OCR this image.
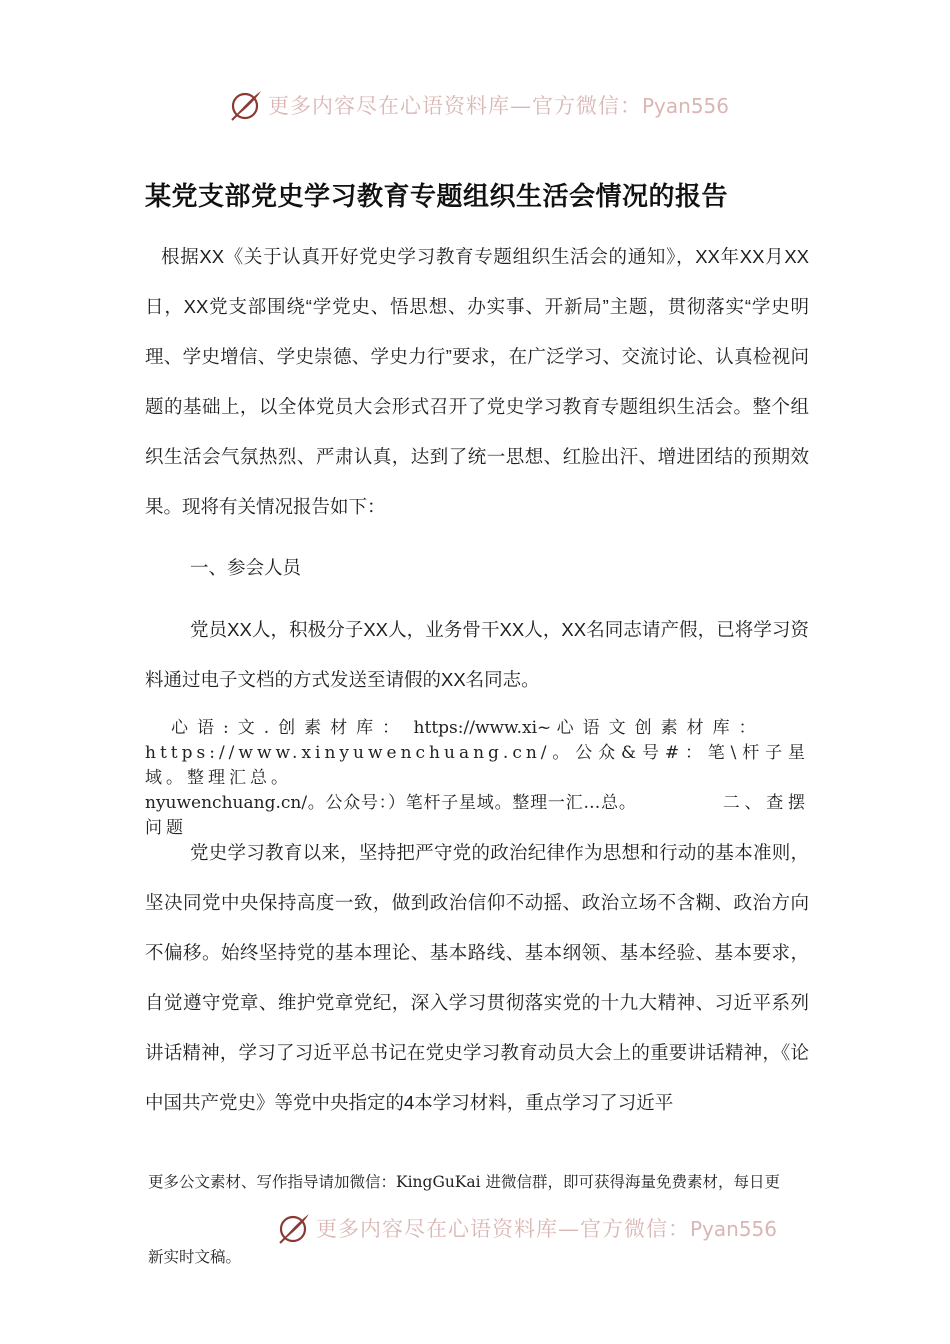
更多内容尽在心语资料库—官方微信：Pyan556
某党支部党史学习教育专题组织生活会情况的报告

根据XX《关于认真开好党史学习教育专题组织生活会的通知》，XX年XX月XX日，XX党支部围绕“学党史、悟思想、办实事、开新局”主题，贯彻落实“学史明理、学史增信、学史崇德、学史力行”要求，在广泛学习、交流讨论、认真检视问题的基础上，以全体党员大会形式召开了党史学习教育专题组织生活会。整个组织生活会气氛热烈、严肃认真，达到了统一思想、红脸出汗、增进团结的预期效果。现将有关情况报告如下：

一、参会人员

党员XX人，积极分子XX人，业务骨干XX人，XX名同志请产假，已将学习资料通过电子文档的方式发送至请假的XX名同志。

心语:文.创素材库： https://www.xi~ 心语文创素材库：
https://www.xinyuwenchuang.cn/。公众&号#：笔\杆子星域。整理汇总。
nyuwenchuang.cn/。公众号：）笔杆子星域。整理一汇…总。	二、查摆问题

党史学习教育以来，坚持把严守党的政治纪律作为思想和行动的基本准则，坚决同党中央保持高度一致，做到政治信仰不动摇、政治立场不含糊、政治方向不偏移。始终坚持党的基本理论、基本路线、基本纲领、基本经验、基本要求，自觉遵守党章、维护党章党纪，深入学习贯彻落实党的十九大精神、习近平系列讲话精神，学习了习近平总书记在党史学习教育动员大会上的重要讲话精神，《论中国共产党史》等党中央指定的4本学习材料，重点学习了习近平

更多公文素材、写作指导请加微信：KingGuKai 进微信群，即可获得海量免费素材，每日更
更多内容尽在心语资料库—官方微信：Pyan556
新实时文稿。
